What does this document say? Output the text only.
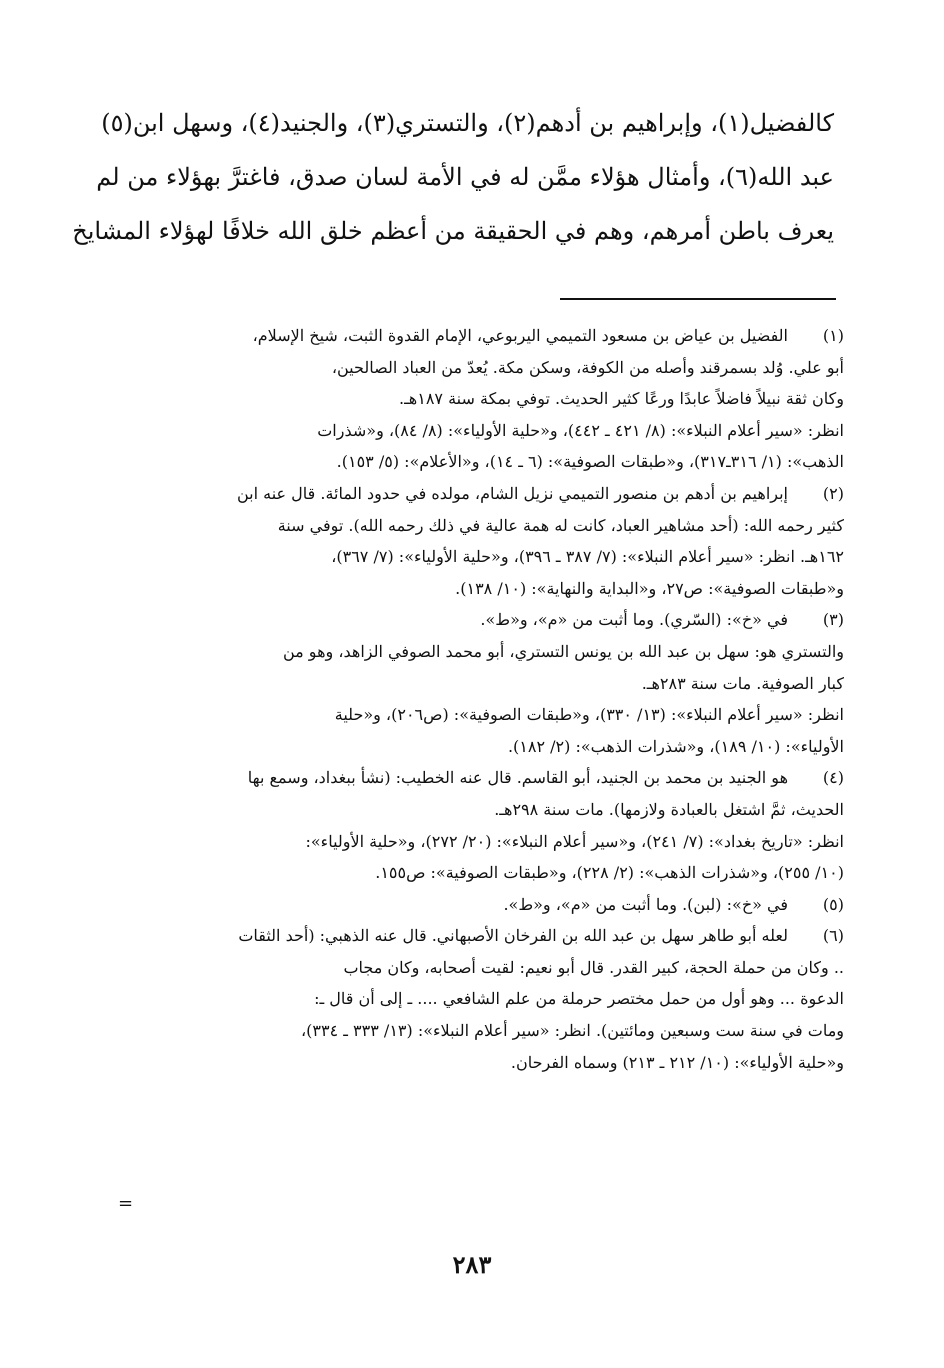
كالفضيل(١)، وإبراهيم بن أدهم(٢)، والتستري(٣)، والجنيد(٤)، وسهل ابن(٥)
عبد الله(٦)، وأمثال هؤلاء ممَّن له في الأمة لسان صدق، فاغترَّ بهؤلاء من لم
يعرف باطن أمرهم، وهم في الحقيقة من أعظم خلق الله خلافًا لهؤلاء المشايخ
(١)
الفضيل بن عياض بن مسعود التميمي اليربوعي، الإمام القدوة الثبت، شيخ الإسلام،
أبو علي. وُلد بسمرقند وأصله من الكوفة، وسكن مكة. يُعدّ من العباد الصالحين،
وكان ثقة نبيلاً فاضلاً عابدًا ورعًا كثير الحديث. توفي بمكة سنة ١٨٧هـ.
انظر: «سير أعلام النبلاء»: (٨/ ٤٢١ ـ ٤٤٢)، و«حلية الأولياء»: (٨/ ٨٤)، و«شذرات
الذهب»: (١/ ٣١٦ـ٣١٧)، و«طبقات الصوفية»: (٦ ـ ١٤)، و«الأعلام»: (٥/ ١٥٣).
(٢)
إبراهيم بن أدهم بن منصور التميمي نزيل الشام، مولده في حدود المائة. قال عنه ابن
كثير رحمه الله: (أحد مشاهير العباد، كانت له همة عالية في ذلك رحمه الله). توفي سنة
١٦٢هـ. انظر: «سير أعلام النبلاء»: (٧/ ٣٨٧ ـ ٣٩٦)، و«حلية الأولياء»: (٧/ ٣٦٧)،
و«طبقات الصوفية»: ص٢٧، و«البداية والنهاية»: (١٠/ ١٣٨).
(٣)
في «خ»: (السّري). وما أثبت من «م»، و«ط».
والتستري هو: سهل بن عبد الله بن يونس التستري، أبو محمد الصوفي الزاهد، وهو من
كبار الصوفية. مات سنة ٢٨٣هـ.
انظر: «سير أعلام النبلاء»: (١٣/ ٣٣٠)، و«طبقات الصوفية»: (ص٢٠٦)، و«حلية
الأولياء»: (١٠/ ١٨٩)، و«شذرات الذهب»: (٢/ ١٨٢).
(٤)
هو الجنيد بن محمد بن الجنيد، أبو القاسم. قال عنه الخطيب: (نشأ ببغداد، وسمع بها
الحديث، ثمَّ اشتغل بالعبادة ولازمها). مات سنة ٢٩٨هـ.
انظر: «تاريخ بغداد»: (٧/ ٢٤١)، و«سير أعلام النبلاء»: (٢٠/ ٢٧٢)، و«حلية الأولياء»:
(١٠/ ٢٥٥)، و«شذرات الذهب»: (٢/ ٢٢٨)، و«طبقات الصوفية»: ص١٥٥.
(٥)
في «خ»: (لبن). وما أثبت من «م»، و«ط».
(٦)
لعله أبو طاهر سهل بن عبد الله بن الفرخان الأصبهاني. قال عنه الذهبي: (أحد الثقات
.. وكان من حملة الحجة، كبير القدر. قال أبو نعيم: لقيت أصحابه، وكان مجاب
الدعوة ... وهو أول من حمل مختصر حرملة من علم الشافعي .... ـ إلى أن قال ـ:
ومات في سنة ست وسبعين ومائتين). انظر: «سير أعلام النبلاء»: (١٣/ ٣٣٣ ـ ٣٣٤)،
و«حلية الأولياء»: (١٠/ ٢١٢ ـ ٢١٣) وسماه الفرحان.
=
٢٨٣
